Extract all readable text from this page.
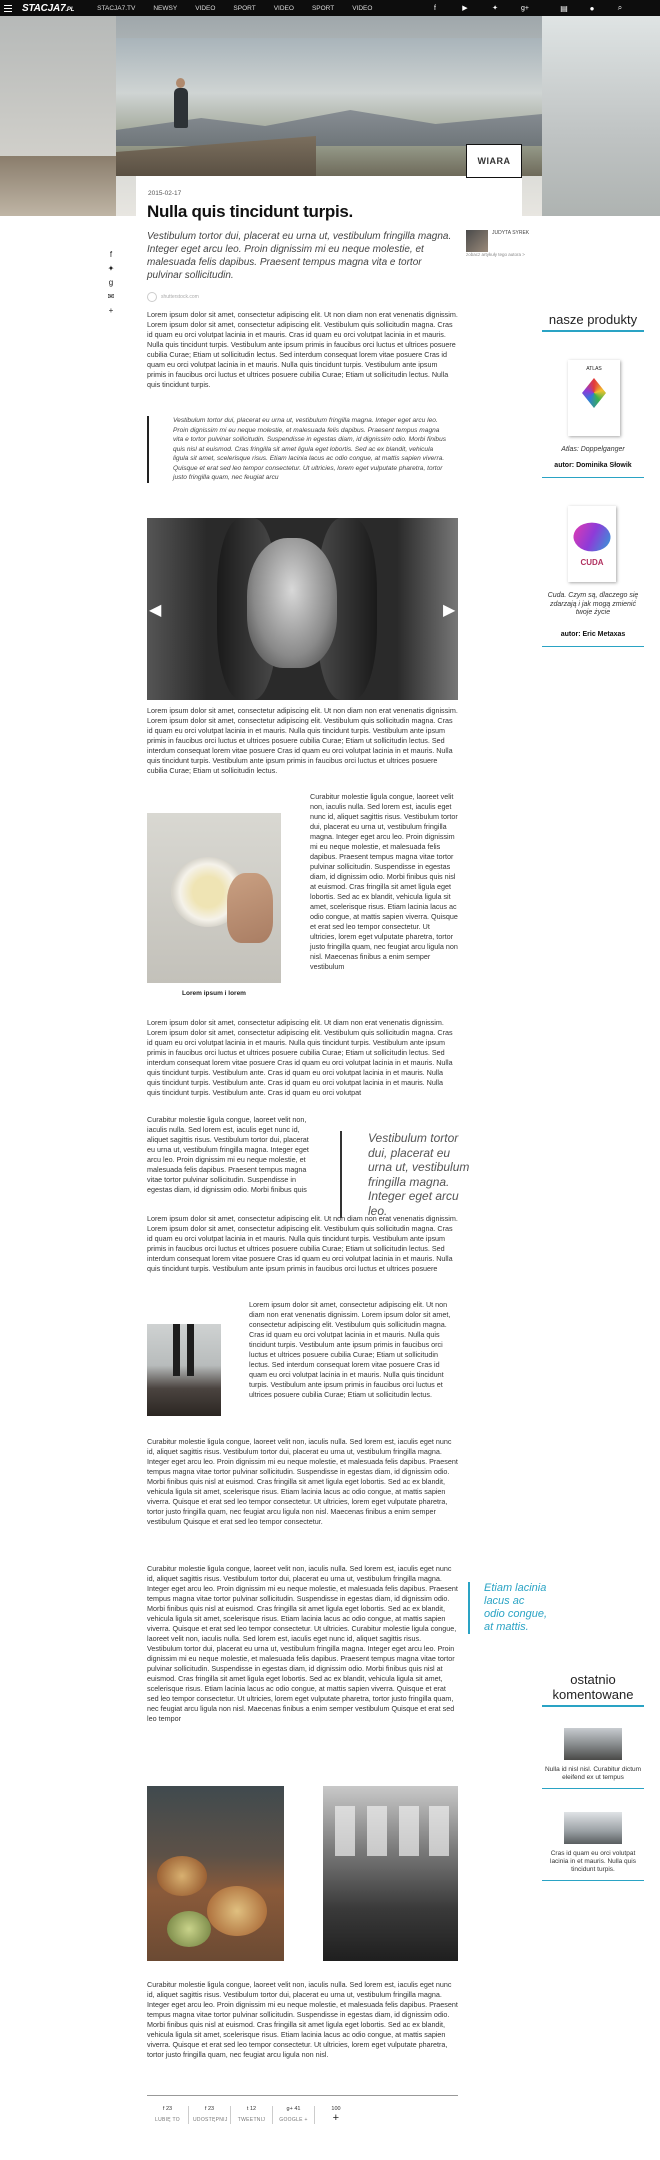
STACJA7.PL	STACJA7.TV	NEWSY	VIDEO	SPORT	VIDEO	SPORT	VIDEO	f	▶	✦	g+	▤	●	⌕
WIARA
f
✦
g
✉
+
2015-02-17
Nulla quis tincidunt turpis.

Vestibulum tortor dui, placerat eu urna ut, vestibulum fringilla magna. Integer eget arcu leo. Proin dignissim mi eu neque molestie, et malesuada felis dapibus. Praesent tempus magna vita e tortor pulvinar sollicitudin.

JUDYTA SYREK
zobacz artykuły tego autora >
shutterstock.com

Lorem ipsum dolor sit amet, consectetur adipiscing elit. Ut non diam non erat venenatis dignissim. Lorem ipsum dolor sit amet, consectetur adipiscing elit. Vestibulum quis sollicitudin magna. Cras id quam eu orci volutpat lacinia in et mauris. Cras id quam eu orci volutpat lacinia in et mauris. Nulla quis tincidunt turpis. Vestibulum ante ipsum primis in faucibus orci luctus et ultrices posuere cubilia Curae; Etiam ut sollicitudin lectus. Sed interdum consequat lorem vitae posuere Cras id quam eu orci volutpat lacinia in et mauris. Nulla quis tincidunt turpis. Vestibulum ante ipsum primis in faucibus orci luctus et ultrices posuere cubilia Curae; Etiam ut sollicitudin lectus. Nulla quis tincidunt turpis.

Vestibulum tortor dui, placerat eu urna ut, vestibulum fringilla magna. Integer eget arcu leo. Proin dignissim mi eu neque molestie, et malesuada felis dapibus. Praesent tempus magna vita e tortor pulvinar sollicitudin. Suspendisse in egestas diam, id dignissim odio. Morbi finibus quis nisl at euismod. Cras fringilla sit amet ligula eget lobortis. Sed ac ex blandit, vehicula ligula sit amet, scelerisque risus. Etiam lacinia lacus ac odio congue, at mattis sapien viverra. Quisque et erat sed leo tempor consectetur. Ut ultricies, lorem eget vulputate pharetra, tortor justo fringilla quam, nec feugiat arcu
◀	▶

Lorem ipsum dolor sit amet, consectetur adipiscing elit. Ut non diam non erat venenatis dignissim. Lorem ipsum dolor sit amet, consectetur adipiscing elit. Vestibulum quis sollicitudin magna. Cras id quam eu orci volutpat lacinia in et mauris. Nulla quis tincidunt turpis. Vestibulum ante ipsum primis in faucibus orci luctus et ultrices posuere cubilia Curae; Etiam ut sollicitudin lectus. Sed interdum consequat lorem vitae posuere Cras id quam eu orci volutpat lacinia in et mauris. Nulla quis tincidunt turpis. Vestibulum ante ipsum primis in faucibus orci luctus et ultrices posuere cubilia Curae; Etiam ut sollicitudin lectus.

Lorem ipsum i lorem

Curabitur molestie ligula congue, laoreet velit non, iaculis nulla. Sed lorem est, iaculis eget nunc id, aliquet sagittis risus. Vestibulum tortor dui, placerat eu urna ut, vestibulum fringilla magna. Integer eget arcu leo. Proin dignissim mi eu neque molestie, et malesuada felis dapibus. Praesent tempus magna vitae tortor pulvinar sollicitudin. Suspendisse in egestas diam, id dignissim odio. Morbi finibus quis nisl at euismod. Cras fringilla sit amet ligula eget lobortis. Sed ac ex blandit, vehicula ligula sit amet, scelerisque risus. Etiam lacinia lacus ac odio congue, at mattis sapien viverra. Quisque et erat sed leo tempor consectetur. Ut ultricies, lorem eget vulputate pharetra, tortor justo fringilla quam, nec feugiat arcu ligula non nisl. Maecenas finibus a enim semper vestibulum

Lorem ipsum dolor sit amet, consectetur adipiscing elit. Ut diam non erat venenatis dignissim. Lorem ipsum dolor sit amet, consectetur adipiscing elit. Vestibulum quis sollicitudin magna. Cras id quam eu orci volutpat lacinia in et mauris. Nulla quis tincidunt turpis. Vestibulum ante ipsum primis in faucibus orci luctus et ultrices posuere cubilia Curae; Etiam ut sollicitudin lectus. Sed interdum consequat lorem vitae posuere Cras id quam eu orci volutpat lacinia in et mauris. Nulla quis tincidunt turpis. Vestibulum ante. Cras id quam eu orci volutpat lacinia in et mauris. Nulla quis tincidunt turpis. Vestibulum ante. Cras id quam eu orci volutpat lacinia in et mauris. Nulla quis tincidunt turpis. Vestibulum ante. Cras id quam eu orci volutpat

Curabitur molestie ligula congue, laoreet velit non, iaculis nulla. Sed lorem est, iaculis eget nunc id, aliquet sagittis risus. Vestibulum tortor dui, placerat eu urna ut, vestibulum fringilla magna. Integer eget arcu leo. Proin dignissim mi eu neque molestie, et malesuada felis dapibus. Praesent tempus magna vitae tortor pulvinar sollicitudin. Suspendisse in egestas diam, id dignissim odio. Morbi finibus quis

Vestibulum tortor dui, placerat eu urna ut, vestibulum fringilla magna. Integer eget arcu leo.

Lorem ipsum dolor sit amet, consectetur adipiscing elit. Ut non diam non erat venenatis dignissim. Lorem ipsum dolor sit amet, consectetur adipiscing elit. Vestibulum quis sollicitudin magna. Cras id quam eu orci volutpat lacinia in et mauris. Nulla quis tincidunt turpis. Vestibulum ante ipsum primis in faucibus orci luctus et ultrices posuere cubilia Curae; Etiam ut sollicitudin lectus. Sed interdum consequat lorem vitae posuere Cras id quam eu orci volutpat lacinia in et mauris. Nulla quis tincidunt turpis. Vestibulum ante ipsum primis in faucibus orci luctus et ultrices posuere

Lorem ipsum dolor sit amet, consectetur adipiscing elit. Ut non diam non erat venenatis dignissim. Lorem ipsum dolor sit amet, consectetur adipiscing elit. Vestibulum quis sollicitudin magna. Cras id quam eu orci volutpat lacinia in et mauris. Nulla quis tincidunt turpis. Vestibulum ante ipsum primis in faucibus orci luctus et ultrices posuere cubilia Curae; Etiam ut sollicitudin lectus. Sed interdum consequat lorem vitae posuere Cras id quam eu orci volutpat lacinia in et mauris. Nulla quis tincidunt turpis. Vestibulum ante ipsum primis in faucibus orci luctus et ultrices posuere cubilia Curae; Etiam ut sollicitudin lectus.

Curabitur molestie ligula congue, laoreet velit non, iaculis nulla. Sed lorem est, iaculis eget nunc id, aliquet sagittis risus. Vestibulum tortor dui, placerat eu urna ut, vestibulum fringilla magna. Integer eget arcu leo. Proin dignissim mi eu neque molestie, et malesuada felis dapibus. Praesent tempus magna vitae tortor pulvinar sollicitudin. Suspendisse in egestas diam, id dignissim odio. Morbi finibus quis nisl at euismod. Cras fringilla sit amet ligula eget lobortis. Sed ac ex blandit, vehicula ligula sit amet, scelerisque risus. Etiam lacinia lacus ac odio congue, at mattis sapien viverra. Quisque et erat sed leo tempor consectetur. Ut ultricies, lorem eget vulputate pharetra, tortor justo fringilla quam, nec feugiat arcu ligula non nisl. Maecenas finibus a enim semper vestibulum Quisque et erat sed leo tempor consectetur.

Curabitur molestie ligula congue, laoreet velit non, iaculis nulla. Sed lorem est, iaculis eget nunc id, aliquet sagittis risus. Vestibulum tortor dui, placerat eu urna ut, vestibulum fringilla magna. Integer eget arcu leo. Proin dignissim mi eu neque molestie, et malesuada felis dapibus. Praesent tempus magna vitae tortor pulvinar sollicitudin. Suspendisse in egestas diam, id dignissim odio. Morbi finibus quis nisl at euismod. Cras fringilla sit amet ligula eget lobortis. Sed ac ex blandit, vehicula ligula sit amet, scelerisque risus. Etiam lacinia lacus ac odio congue, at mattis sapien viverra. Quisque et erat sed leo tempor consectetur. Ut ultricies. Curabitur molestie ligula congue, laoreet velit non, iaculis nulla. Sed lorem est, iaculis eget nunc id, aliquet sagittis risus. Vestibulum tortor dui, placerat eu urna ut, vestibulum fringilla magna. Integer eget arcu leo. Proin dignissim mi eu neque molestie, et malesuada felis dapibus. Praesent tempus magna vitae tortor pulvinar sollicitudin. Suspendisse in egestas diam, id dignissim odio. Morbi finibus quis nisl at euismod. Cras fringilla sit amet ligula eget lobortis. Sed ac ex blandit, vehicula ligula sit amet, scelerisque risus. Etiam lacinia lacus ac odio congue, at mattis sapien viverra. Quisque et erat sed leo tempor consectetur. Ut ultricies, lorem eget vulputate pharetra, tortor justo fringilla quam, nec feugiat arcu ligula non nisl. Maecenas finibus a enim semper vestibulum Quisque et erat sed leo tempor

Etiam lacinia lacus ac odio congue, at mattis.

Curabitur molestie ligula congue, laoreet velit non, iaculis nulla. Sed lorem est, iaculis eget nunc id, aliquet sagittis risus. Vestibulum tortor dui, placerat eu urna ut, vestibulum fringilla magna. Integer eget arcu leo. Proin dignissim mi eu neque molestie, et malesuada felis dapibus. Praesent tempus magna vitae tortor pulvinar sollicitudin. Suspendisse in egestas diam, id dignissim odio. Morbi finibus quis nisl at euismod. Cras fringilla sit amet ligula eget lobortis. Sed ac ex blandit, vehicula ligula sit amet, scelerisque risus. Etiam lacinia lacus ac odio congue, at mattis sapien viverra. Quisque et erat sed leo tempor consectetur. Ut ultricies, lorem eget vulputate pharetra, tortor justo fringilla quam, nec feugiat arcu ligula non nisl.

f 23
LUBIĘ TO
f 23
UDOSTĘPNIJ
t 12
TWEETNIJ
g+ 41
GOOGLE +
100
+
nasze produkty
ATLAS
Atlas: Doppelganger
autor: Dominika Słowik
CUDA
Cuda. Czym są, dlaczego się zdarzają i jak mogą zmienić twoje życie
autor: Eric Metaxas
ostatnio komentowane
Nulla id nisl nisl. Curabitur dictum eleifend ex ut tempus
Cras id quam eu orci volutpat lacinia in et mauris. Nulla quis tincidunt turpis.
